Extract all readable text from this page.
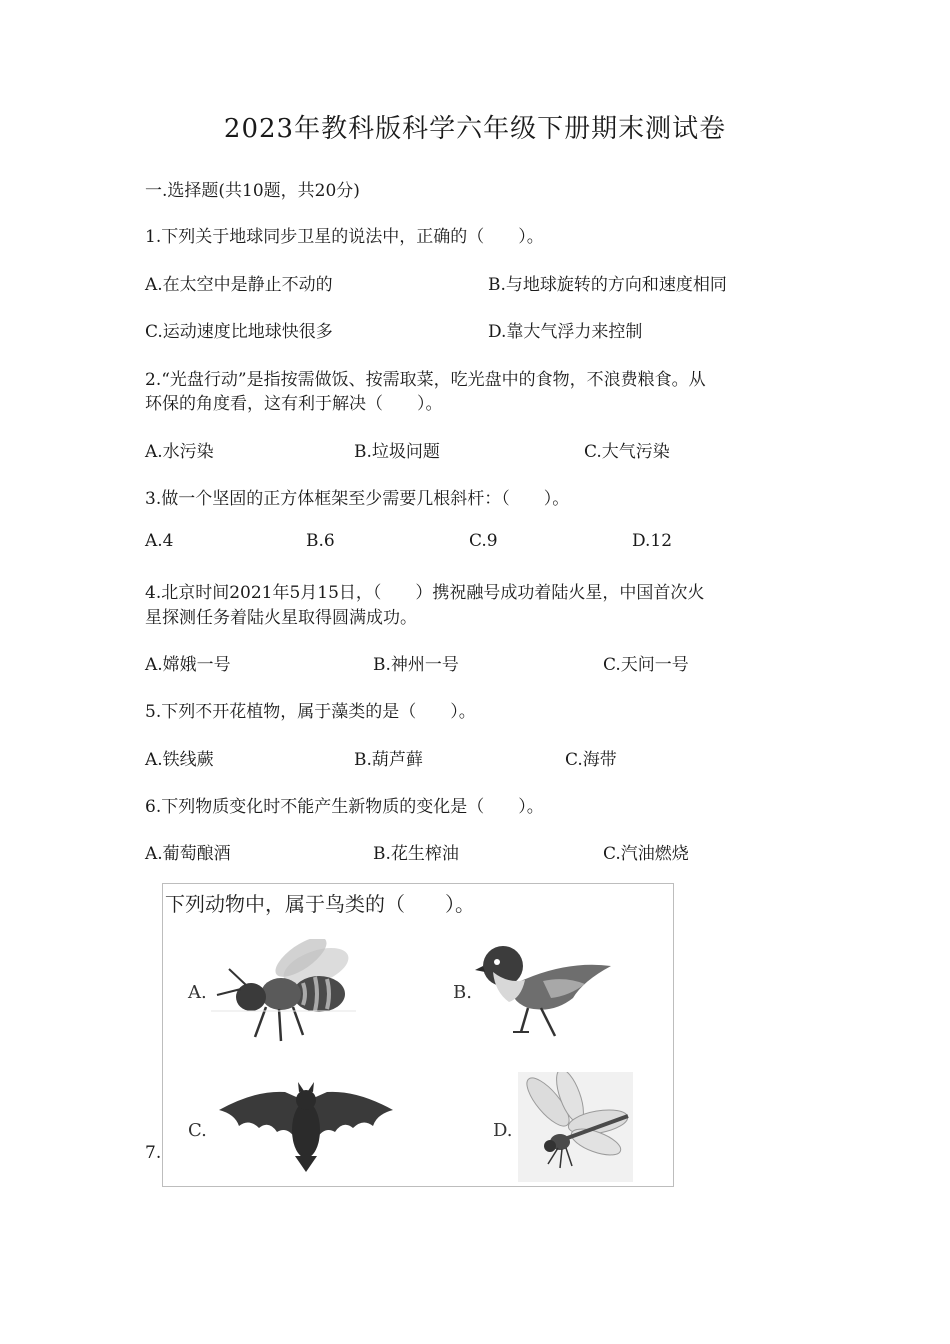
2023年教科版科学六年级下册期末测试卷
一.选择题(共10题，共20分)
1.下列关于地球同步卫星的说法中，正确的（　　）。
A.在太空中是静止不动的	B.与地球旋转的方向和速度相同
C.运动速度比地球快很多	D.靠大气浮力来控制
2.“光盘行动”是指按需做饭、按需取菜，吃光盘中的食物，不浪费粮食。从
环保的角度看，这有利于解决（　　）。
A.水污染	B.垃圾问题	C.大气污染
3.做一个坚固的正方体框架至少需要几根斜杆：（　　）。
A.4	B.6	C.9	D.12
4.北京时间2021年5月15日，（　　）携祝融号成功着陆火星，中国首次火
星探测任务着陆火星取得圆满成功。
A.嫦娥一号	B.神州一号	C.天问一号
5.下列不开花植物，属于藻类的是（　　）。
A.铁线蕨	B.葫芦藓	C.海带
6.下列物质变化时不能产生新物质的变化是（　　）。
A.葡萄酿酒	B.花生榨油	C.汽油燃烧
7.
下列动物中，属于鸟类的（　　）。
A.	B.
C.	D.
